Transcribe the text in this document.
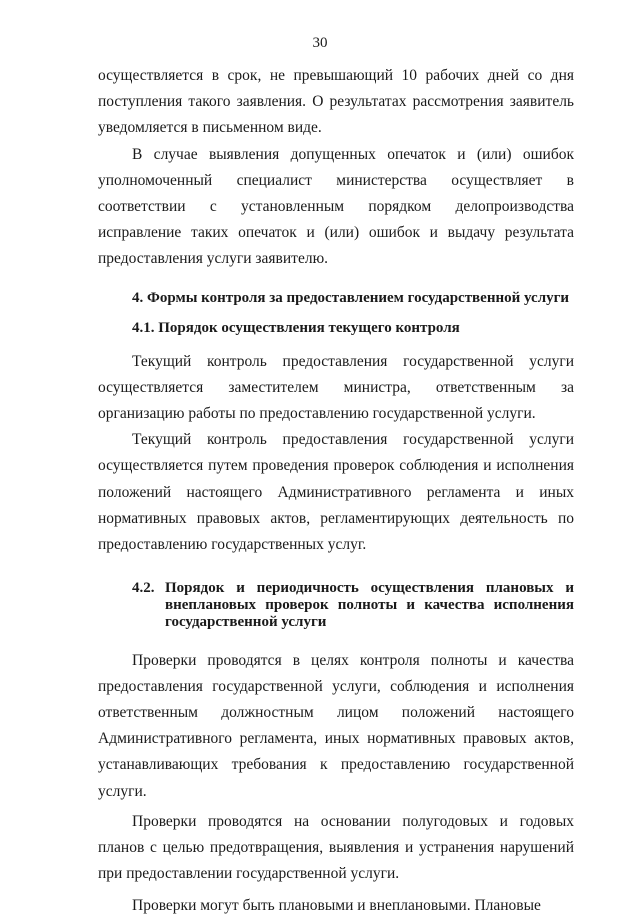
30

осуществляется в срок, не превышающий 10 рабочих дней со дня поступления такого заявления. О результатах рассмотрения заявитель уведомляется в письменном виде.

В случае выявления допущенных опечаток и (или) ошибок уполномоченный специалист министерства осуществляет в соответствии с установленным порядком делопроизводства исправление таких опечаток и (или) ошибок и выдачу результата предоставления услуги заявителю.

4. Формы контроля за предоставлением государственной услуги

4.1. Порядок осуществления текущего контроля

Текущий контроль предоставления государственной услуги осуществляется заместителем министра, ответственным за организацию работы по предоставлению государственной услуги.

Текущий контроль предоставления государственной услуги осуществляется путем проведения проверок соблюдения и исполнения положений настоящего Административного регламента и иных нормативных правовых актов, регламентирующих деятельность по предоставлению государственных услуг.

4.2. Порядок и периодичность осуществления плановых и внеплановых проверок полноты и качества исполнения государственной услуги

Проверки проводятся в целях контроля полноты и качества предоставления государственной услуги, соблюдения и исполнения ответственным должностным лицом положений настоящего Административного регламента, иных нормативных правовых актов, устанавливающих требования к предоставлению государственной услуги.

Проверки проводятся на основании полугодовых и годовых планов с целью предотвращения, выявления и устранения нарушений при предоставлении государственной услуги.

Проверки могут быть плановыми и внеплановыми. Плановые
